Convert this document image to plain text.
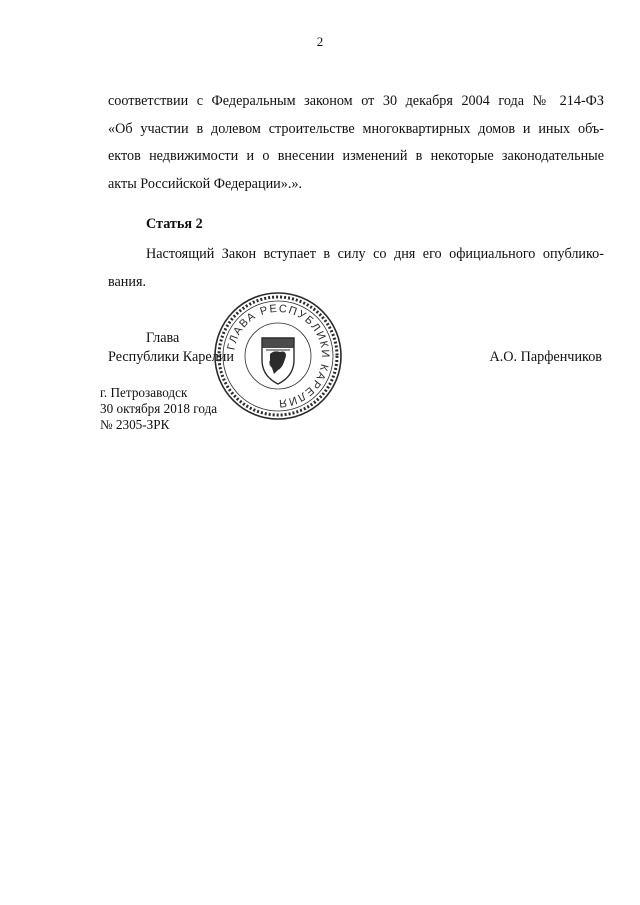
2
соответствии с Федеральным законом от 30 декабря 2004 года № 214-ФЗ
«Об участии в долевом строительстве многоквартирных домов и иных объ-
ектов недвижимости и о внесении изменений в некоторые законодательные
акты Российской Федерации».».
Статья 2
Настоящий Закон вступает в силу со дня его официального опублико-
вания.
Глава
Республики Карелии
ГЛАВА РЕСПУБЛИКИ КАРЕЛИЯ
А.О. Парфенчиков
г. Петрозаводск
30 октября 2018 года
№ 2305-ЗРК
